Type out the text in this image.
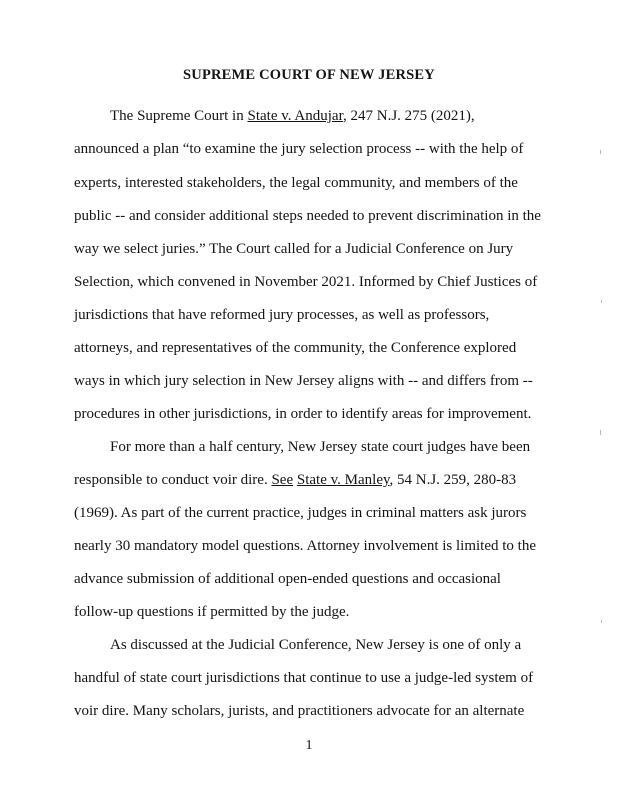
SUPREME COURT OF NEW JERSEY
The Supreme Court in State v. Andujar, 247 N.J. 275 (2021),
announced a plan “to examine the jury selection process -- with the help of
experts, interested stakeholders, the legal community, and members of the
public -- and consider additional steps needed to prevent discrimination in the
way we select juries.” The Court called for a Judicial Conference on Jury
Selection, which convened in November 2021. Informed by Chief Justices of
jurisdictions that have reformed jury processes, as well as professors,
attorneys, and representatives of the community, the Conference explored
ways in which jury selection in New Jersey aligns with -- and differs from --
procedures in other jurisdictions, in order to identify areas for improvement.
For more than a half century, New Jersey state court judges have been
responsible to conduct voir dire. See State v. Manley, 54 N.J. 259, 280-83
(1969). As part of the current practice, judges in criminal matters ask jurors
nearly 30 mandatory model questions. Attorney involvement is limited to the
advance submission of additional open-ended questions and occasional
follow-up questions if permitted by the judge.
As discussed at the Judicial Conference, New Jersey is one of only a
handful of state court jurisdictions that continue to use a judge-led system of
voir dire. Many scholars, jurists, and practitioners advocate for an alternate
1
